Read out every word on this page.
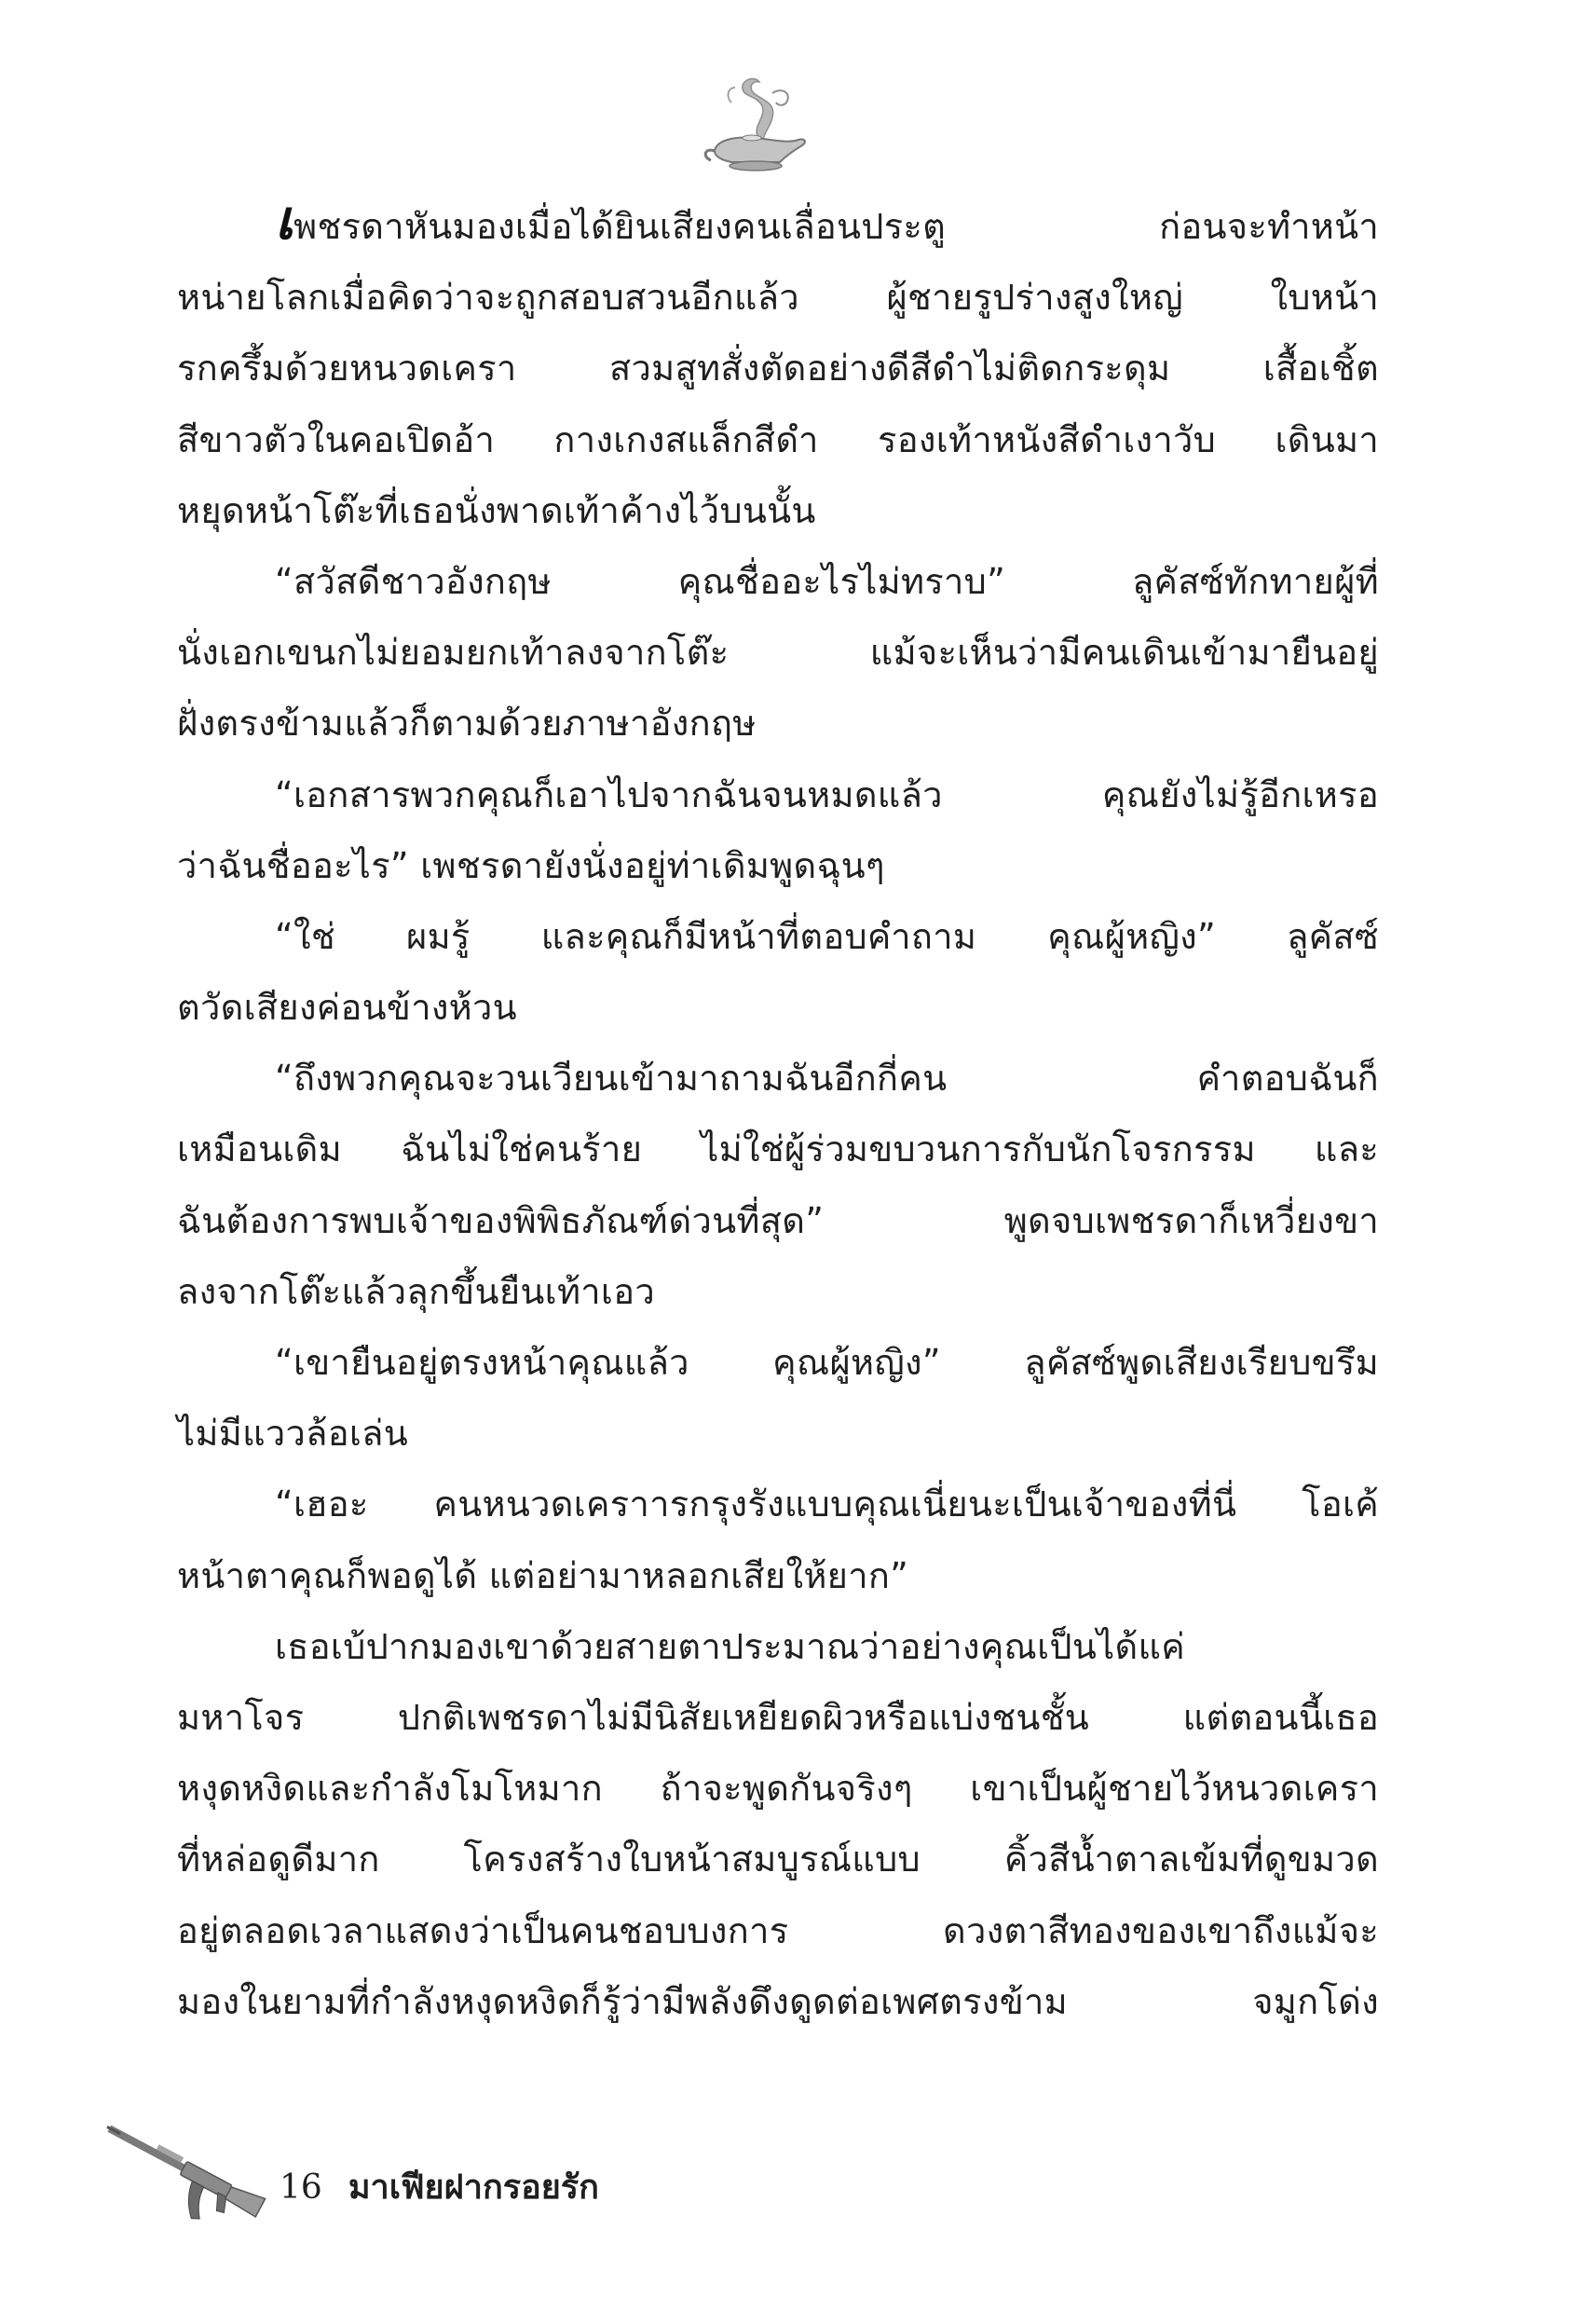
เพชรดาหันมองเมื่อได้ยินเสียงคนเลื่อนประตู ก่อนจะทำหน้า
หน่ายโลกเมื่อคิดว่าจะถูกสอบสวนอีกแล้ว ผู้ชายรูปร่างสูงใหญ่ ใบหน้า
รกครึ้มด้วยหนวดเครา สวมสูทสั่งตัดอย่างดีสีดำไม่ติดกระดุม เสื้อเชิ้ต
สีขาวตัวในคอเปิดอ้า กางเกงสแล็กสีดำ รองเท้าหนังสีดำเงาวับ เดินมา
หยุดหน้าโต๊ะที่เธอนั่งพาดเท้าค้างไว้บนนั้น
“สวัสดีชาวอังกฤษ คุณชื่ออะไรไม่ทราบ” ลูคัสซ์ทักทายผู้ที่
นั่งเอกเขนกไม่ยอมยกเท้าลงจากโต๊ะ แม้จะเห็นว่ามีคนเดินเข้ามายืนอยู่
ฝั่งตรงข้ามแล้วก็ตามด้วยภาษาอังกฤษ
“เอกสารพวกคุณก็เอาไปจากฉันจนหมดแล้ว คุณยังไม่รู้อีกเหรอ
ว่าฉันชื่ออะไร” เพชรดายังนั่งอยู่ท่าเดิมพูดฉุนๆ
“ใช่ ผมรู้ และคุณก็มีหน้าที่ตอบคำถาม คุณผู้หญิง” ลูคัสซ์
ตวัดเสียงค่อนข้างห้วน
“ถึงพวกคุณจะวนเวียนเข้ามาถามฉันอีกกี่คน คำตอบฉันก็
เหมือนเดิม ฉันไม่ใช่คนร้าย ไม่ใช่ผู้ร่วมขบวนการกับนักโจรกรรม และ
ฉันต้องการพบเจ้าของพิพิธภัณฑ์ด่วนที่สุด” พูดจบเพชรดาก็เหวี่ยงขา
ลงจากโต๊ะแล้วลุกขึ้นยืนเท้าเอว
“เขายืนอยู่ตรงหน้าคุณแล้ว คุณผู้หญิง” ลูคัสซ์พูดเสียงเรียบขรึม
ไม่มีแววล้อเล่น
“เฮอะ คนหนวดเคราารกรุงรังแบบคุณเนี่ยนะเป็นเจ้าของที่นี่ โอเค้
หน้าตาคุณก็พอดูได้ แต่อย่ามาหลอกเสียให้ยาก”
เธอเบ้ปากมองเขาด้วยสายตาประมาณว่าอย่างคุณเป็นได้แค่
มหาโจร ปกติเพชรดาไม่มีนิสัยเหยียดผิวหรือแบ่งชนชั้น แต่ตอนนี้เธอ
หงุดหงิดและกำลังโมโหมาก ถ้าจะพูดกันจริงๆ เขาเป็นผู้ชายไว้หนวดเครา
ที่หล่อดูดีมาก โครงสร้างใบหน้าสมบูรณ์แบบ คิ้วสีน้ำตาลเข้มที่ดูขมวด
อยู่ตลอดเวลาแสดงว่าเป็นคนชอบบงการ ดวงตาสีทองของเขาถึงแม้จะ
มองในยามที่กำลังหงุดหงิดก็รู้ว่ามีพลังดึงดูดต่อเพศตรงข้าม จมูกโด่ง
16 มาเฟียฝากรอยรัก
